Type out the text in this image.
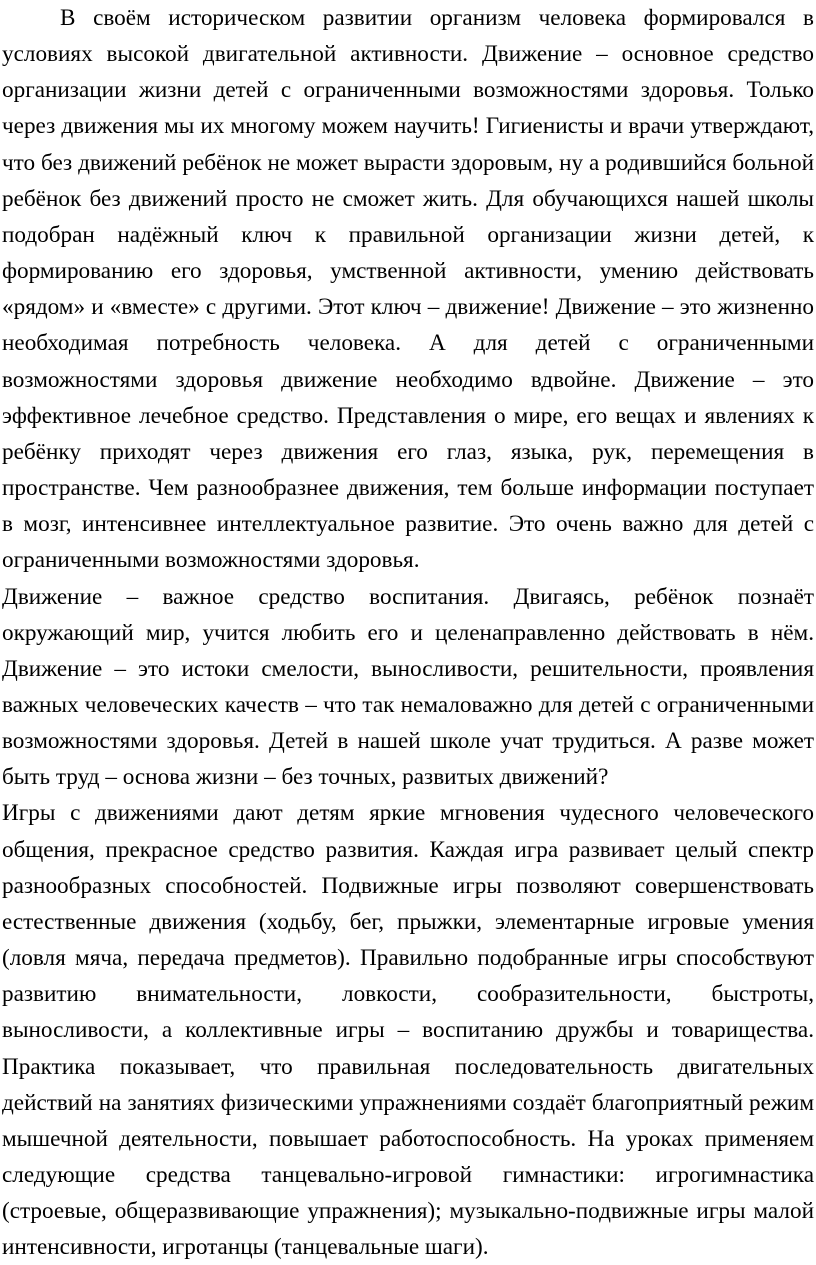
В своём историческом развитии организм человека формировался в условиях высокой двигательной активности. Движение – основное средство организации жизни детей с ограниченными возможностями здоровья. Только через движения мы их многому можем научить! Гигиенисты и врачи утверждают, что без движений ребёнок не может вырасти здоровым, ну а родившийся больной ребёнок без движений просто не сможет жить. Для обучающихся нашей школы подобран надёжный ключ к правильной организации жизни детей, к формированию его здоровья, умственной активности, умению действовать «рядом» и «вместе» с другими. Этот ключ – движение! Движение – это жизненно необходимая потребность человека. А для детей с ограниченными возможностями здоровья движение необходимо вдвойне. Движение – это эффективное лечебное средство. Представления о мире, его вещах и явлениях к ребёнку приходят через движения его глаз, языка, рук, перемещения в пространстве. Чем разнообразнее движения, тем больше информации поступает в мозг, интенсивнее интеллектуальное развитие. Это очень важно для детей с ограниченными возможностями здоровья.

Движение – важное средство воспитания. Двигаясь, ребёнок познаёт окружающий мир, учится любить его и целенаправленно действовать в нём. Движение – это истоки смелости, выносливости, решительности, проявления важных человеческих качеств – что так немаловажно для детей с ограниченными возможностями здоровья. Детей в нашей школе учат трудиться. А разве может быть труд – основа жизни – без точных, развитых движений?

Игры с движениями дают детям яркие мгновения чудесного человеческого общения, прекрасное средство развития. Каждая игра развивает целый спектр разнообразных способностей. Подвижные игры позволяют совершенствовать естественные движения (ходьбу, бег, прыжки, элементарные игровые умения (ловля мяча, передача предметов). Правильно подобранные игры способствуют развитию внимательности, ловкости, сообразительности, быстроты, выносливости, а коллективные игры – воспитанию дружбы и товарищества. Практика показывает, что правильная последовательность двигательных действий на занятиях физическими упражнениями создаёт благоприятный режим мышечной деятельности, повышает работоспособность. На уроках применяем следующие средства танцевально-игровой гимнастики: игрогимнастика (строевые, общеразвивающие упражнения); музыкально-подвижные игры малой интенсивности, игротанцы (танцевальные шаги).
